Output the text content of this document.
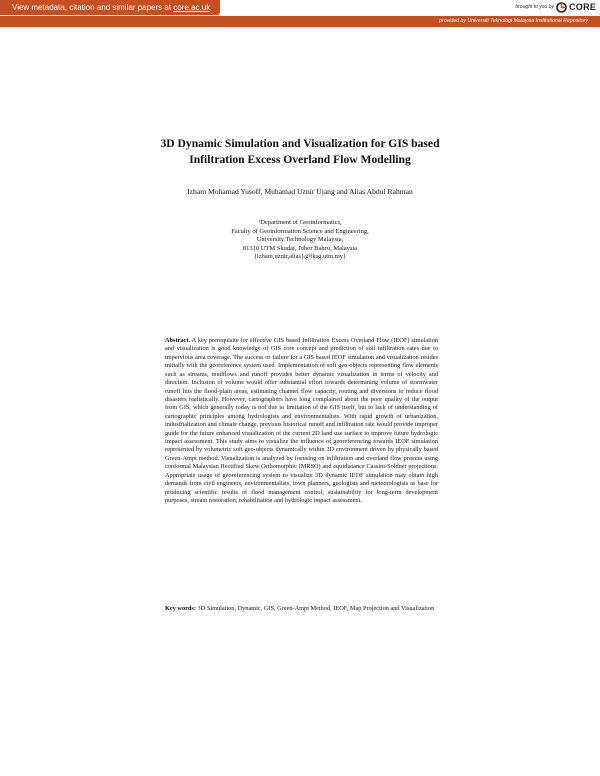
View metadata, citation and similar papers at core.ac.uk	brought to you by CORE
provided by Universiti Teknologi Malaysia Institutional Repository
3D Dynamic Simulation and Visualization for GIS based
Infiltration Excess Overland Flow Modelling
Izham Mohamad Yusoff, Muhamad Uznir Ujang and Alias Abdul Rahman
¹Department of Geoinformatics,
Faculty of Geoinformation Science and Engineering,
University Technology Malaysia,
81310 UTM Skudai, Johor Bahru, Malaysia
{izham,uznir,alias}@fksg.utm.my}
Abstract. A key prerequisite for effective GIS based Infiltration Excess Overland Flow (IEOF) simulation and visualization is good knowledge of GIS core concept and prediction of soil infiltration rates due to impervious area coverage. The success or failure for a GIS based IEOF simulation and visualization resides initially with the georeference system used. Implementation of soft geo-objects representing flow elements such as streams, mudflows and runoff provides better dynamic visualization in terms of velocity and direction. Inclusion of volume would offer substantial effort towards determining volume of stormwater runoff hits the flood-plain areas, estimating channel flow capacity, routing and diversions to reduce flood disasters realistically. However, cartographers have long complained about the poor quality of the output from GIS, which generally today is not due to limitation of the GIS itself, but to lack of understanding of cartographic principles among hydrologists and environmentalists. With rapid growth of urbanization, industrialization and climate change, previous historical runoff and infiltration rate would provide improper guide for the future enhanced visualization of the current 2D land use surface to improve future hydrologic impact assessment. This study aims to visualize the influence of georeferencing towards IEOF simulation represented by volumetric soft geo-objects dynamically within 3D environment driven by physically based Green-Ampt method. Visualization is analyzed by focusing on infiltration and overland flow process using conformal Malaysian Rectified Skew Orthomorphic (MRSO) and equidistance Cassini-Soldner projections. Appropriate usage of georeferencing system to visualize 3D dynamic IEOF simulation may obtain high demands from civil engineers, environmentalists, town planners, geologists and meteorologists as base for producing scientific results of flood management control, sustainability for long-term development purposes, stream restoration, rehabilitation and hydrologic impact assessment.
Key words: 3D Simulation, Dynamic, GIS, Green-Ampt Method, IEOF, Map Projection and Visualization
